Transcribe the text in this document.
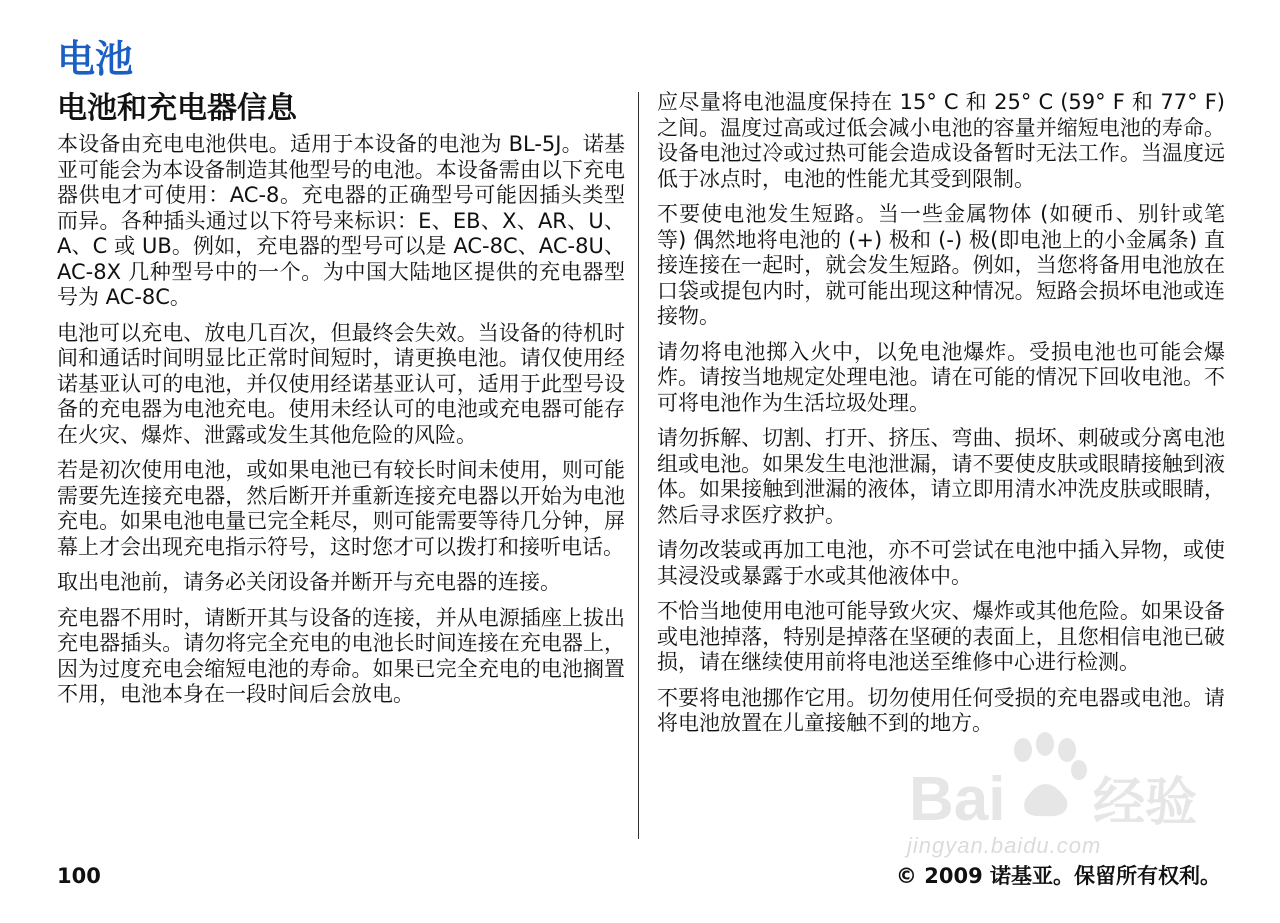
电池
电池和充电器信息

本设备由充电电池供电。适用于本设备的电池为 BL-5J。诺基亚可能会为本设备制造其他型号的电池。本设备需由以下充电器供电才可使用：AC-8。充电器的正确型号可能因插头类型而异。各种插头通过以下符号来标识：E、EB、X、AR、U、A、C 或 UB。例如，充电器的型号可以是 AC-8C、AC-8U、AC-8X 几种型号中的一个。为中国大陆地区提供的充电器型号为 AC-8C。

电池可以充电、放电几百次，但最终会失效。当设备的待机时间和通话时间明显比正常时间短时，请更换电池。请仅使用经诺基亚认可的电池，并仅使用经诺基亚认可，适用于此型号设备的充电器为电池充电。使用未经认可的电池或充电器可能存在火灾、爆炸、泄露或发生其他危险的风险。

若是初次使用电池，或如果电池已有较长时间未使用，则可能需要先连接充电器，然后断开并重新连接充电器以开始为电池充电。如果电池电量已完全耗尽，则可能需要等待几分钟，屏幕上才会出现充电指示符号，这时您才可以拨打和接听电话。

取出电池前，请务必关闭设备并断开与充电器的连接。

充电器不用时，请断开其与设备的连接，并从电源插座上拔出充电器插头。请勿将完全充电的电池长时间连接在充电器上，因为过度充电会缩短电池的寿命。如果已完全充电的电池搁置不用，电池本身在一段时间后会放电。

应尽量将电池温度保持在 15° C 和 25° C (59° F 和 77° F) 之间。温度过高或过低会减小电池的容量并缩短电池的寿命。设备电池过冷或过热可能会造成设备暂时无法工作。当温度远低于冰点时，电池的性能尤其受到限制。

不要使电池发生短路。当一些金属物体 (如硬币、别针或笔等) 偶然地将电池的 (+) 极和 (-) 极(即电池上的小金属条) 直接连接在一起时，就会发生短路。例如，当您将备用电池放在口袋或提包内时，就可能出现这种情况。短路会损坏电池或连接物。

请勿将电池掷入火中，以免电池爆炸。受损电池也可能会爆炸。请按当地规定处理电池。请在可能的情况下回收电池。不可将电池作为生活垃圾处理。

请勿拆解、切割、打开、挤压、弯曲、损坏、刺破或分离电池组或电池。如果发生电池泄漏，请不要使皮肤或眼睛接触到液体。如果接触到泄漏的液体，请立即用清水冲洗皮肤或眼睛，然后寻求医疗救护。

请勿改装或再加工电池，亦不可尝试在电池中插入异物，或使其浸没或暴露于水或其他液体中。

不恰当地使用电池可能导致火灾、爆炸或其他危险。如果设备或电池掉落，特别是掉落在坚硬的表面上，且您相信电池已破损，请在继续使用前将电池送至维修中心进行检测。

不要将电池挪作它用。切勿使用任何受损的充电器或电池。请将电池放置在儿童接触不到的地方。

100	© 2009 诺基亚。保留所有权利。
Bai 经验
jingyan.baidu.com
